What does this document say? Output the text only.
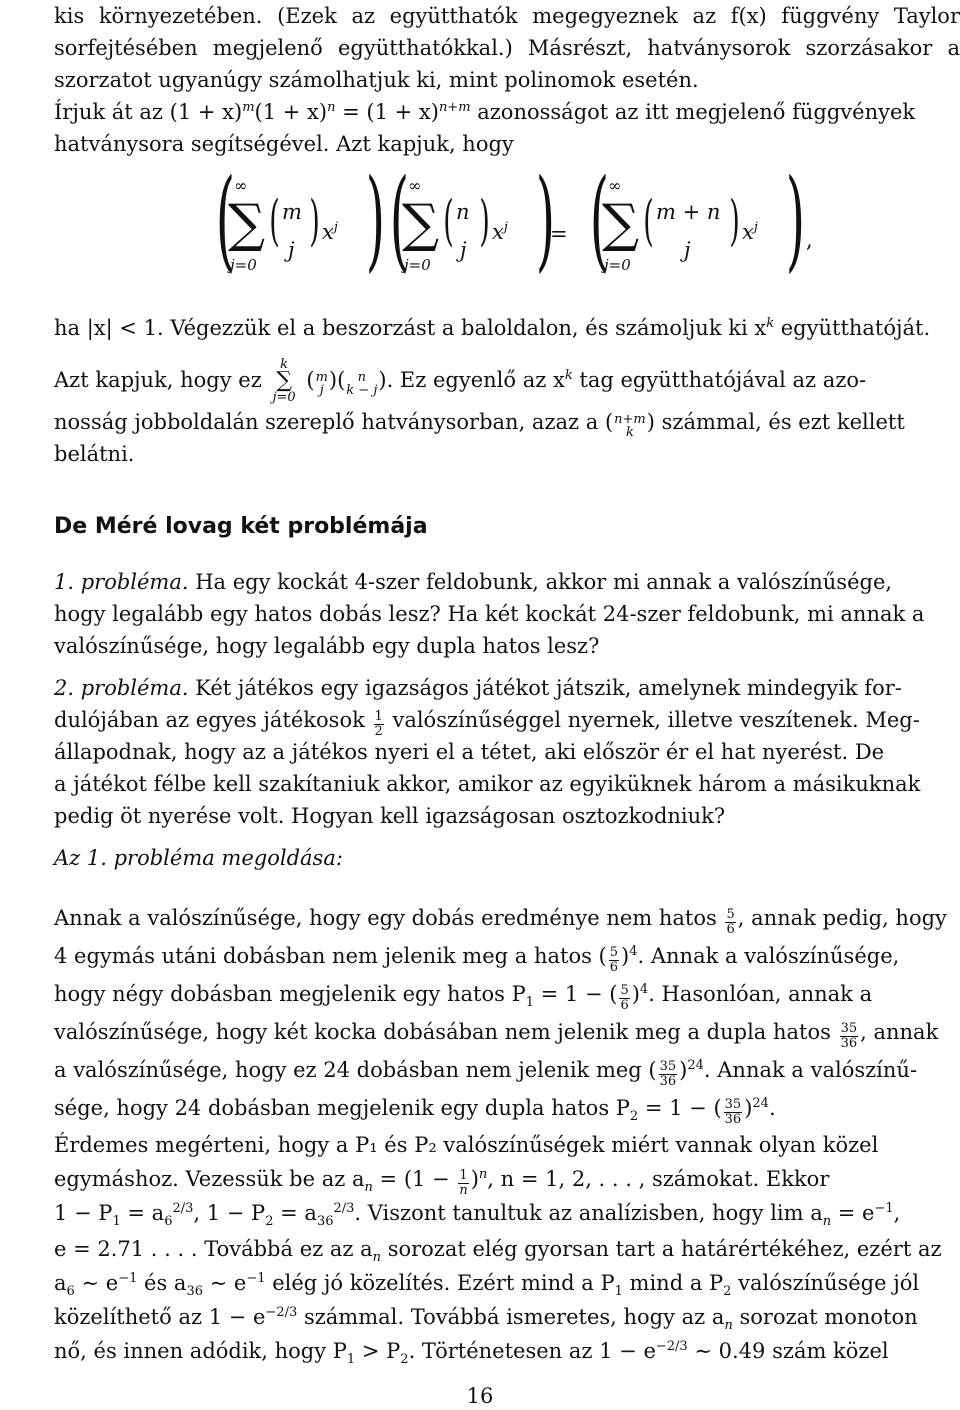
kis környezetében. (Ezek az együtthatók megegyeznek az f(x) függvény Taylor
sorfejtésében megjelenő együtthatókkal.) Másrészt, hatványsorok szorzásakor a
szorzatot ugyanúgy számolhatjuk ki, mint polinomok esetén.
Írjuk át az $(1 + x)^m(1 + x)^n = (1 + x)^{n+m}$ azonosságot az itt megjelenő függvények
hatványsora segítségével. Azt kapjuk, hogy
(
∞
∑
j=0
( m
j ) $x^j$ ) (
∞
∑
j=0
( n
j ) $x^j$ )
= (
∞
∑
j=0
( m + n
j ) $x^j$ ) ,
ha |x| < 1. Végezzük el a beszorzást a baloldalon, és számoljuk ki $x^k$ együtthatóját.
Azt kapjuk, hogy ez
k
∑
j=0
( m
j )( n
k − j ). Ez egyenlő az $x^k$ tag együtthatójával az azo-
nosság jobboldalán szereplő hatványsorban, azaz a ( n+m
k ) számmal, és ezt kellett
belátni.
De Méré lovag két problémája
1. probléma. Ha egy kockát 4-szer feldobunk, akkor mi annak a valószínűsége,
hogy legalább egy hatos dobás lesz? Ha két kockát 24-szer feldobunk, mi annak a
valószínűsége, hogy legalább egy dupla hatos lesz?
2. probléma. Két játékos egy igazságos játékot játszik, amelynek mindegyik for-
dulójában az egyes játékosok $\frac{1}{2}$ valószínűséggel nyernek, illetve veszítenek. Meg-
állapodnak, hogy az a játékos nyeri el a tétet, aki először ér el hat nyerést. De
a játékot félbe kell szakítaniuk akkor, amikor az egyiküknek három a másikuknak
pedig öt nyerése volt. Hogyan kell igazságosan osztozkodniuk?
Az 1. probléma megoldása:
Annak a valószínűsége, hogy egy dobás eredménye nem hatos $\frac{5}{6}$ , annak pedig, hogy
4 egymás utáni dobásban nem jelenik meg a hatos ( $\frac{5}{6} )^4$. Annak a valószínűsége,
hogy négy dobásban megjelenik egy hatos $P_1 = 1$ − ( $\frac{5}{6} )^4$. Hasonlóan, annak a
valószínűsége, hogy két kocka dobásában nem jelenik meg a dupla hatos $\frac{35}{36}$ , annak
a valószínűsége, hogy ez 24 dobásban nem jelenik meg ( $\frac{35}{36} )^{24}$. Annak a valószínű-
sége, hogy 24 dobásban megjelenik egy dupla hatos $P_2 = 1$ − ( $\frac{35}{36} )^{24}$.
Érdemes megérteni, hogy a P₁ és P₂ valószínűségek miért vannak olyan közel
egymáshoz. Vezessük be az $a_n = (1 - \frac{1}{n} )^n$, n = 1, 2, . . . , számokat. Ekkor
$1 - P_1 = a_6^{2/3}$, $1 - P_2 = a_{36}^{2/3}$. Viszont tanultuk az analízisben, hogy $\lim a_n = e^{-1}$,
e = 2.71 . . . . Továbbá ez az $a_n$ sorozat elég gyorsan tart a határértékéhez, ezért az
$a_6$ ∼ $e^{-1}$ és $a_{36}$ ∼ $e^{-1}$ elég jó közelítés. Ezért mind a $P_1$ mind a $P_2$ valószínűsége jól
közelíthető az $1 - e^{-2/3}$ számmal. Továbbá ismeretes, hogy az $a_n$ sorozat monoton
nő, és innen adódik, hogy $P_1 > P_2$. Történetesen az $1 - e^{-2/3}$ ∼ 0.49 szám közel
16
